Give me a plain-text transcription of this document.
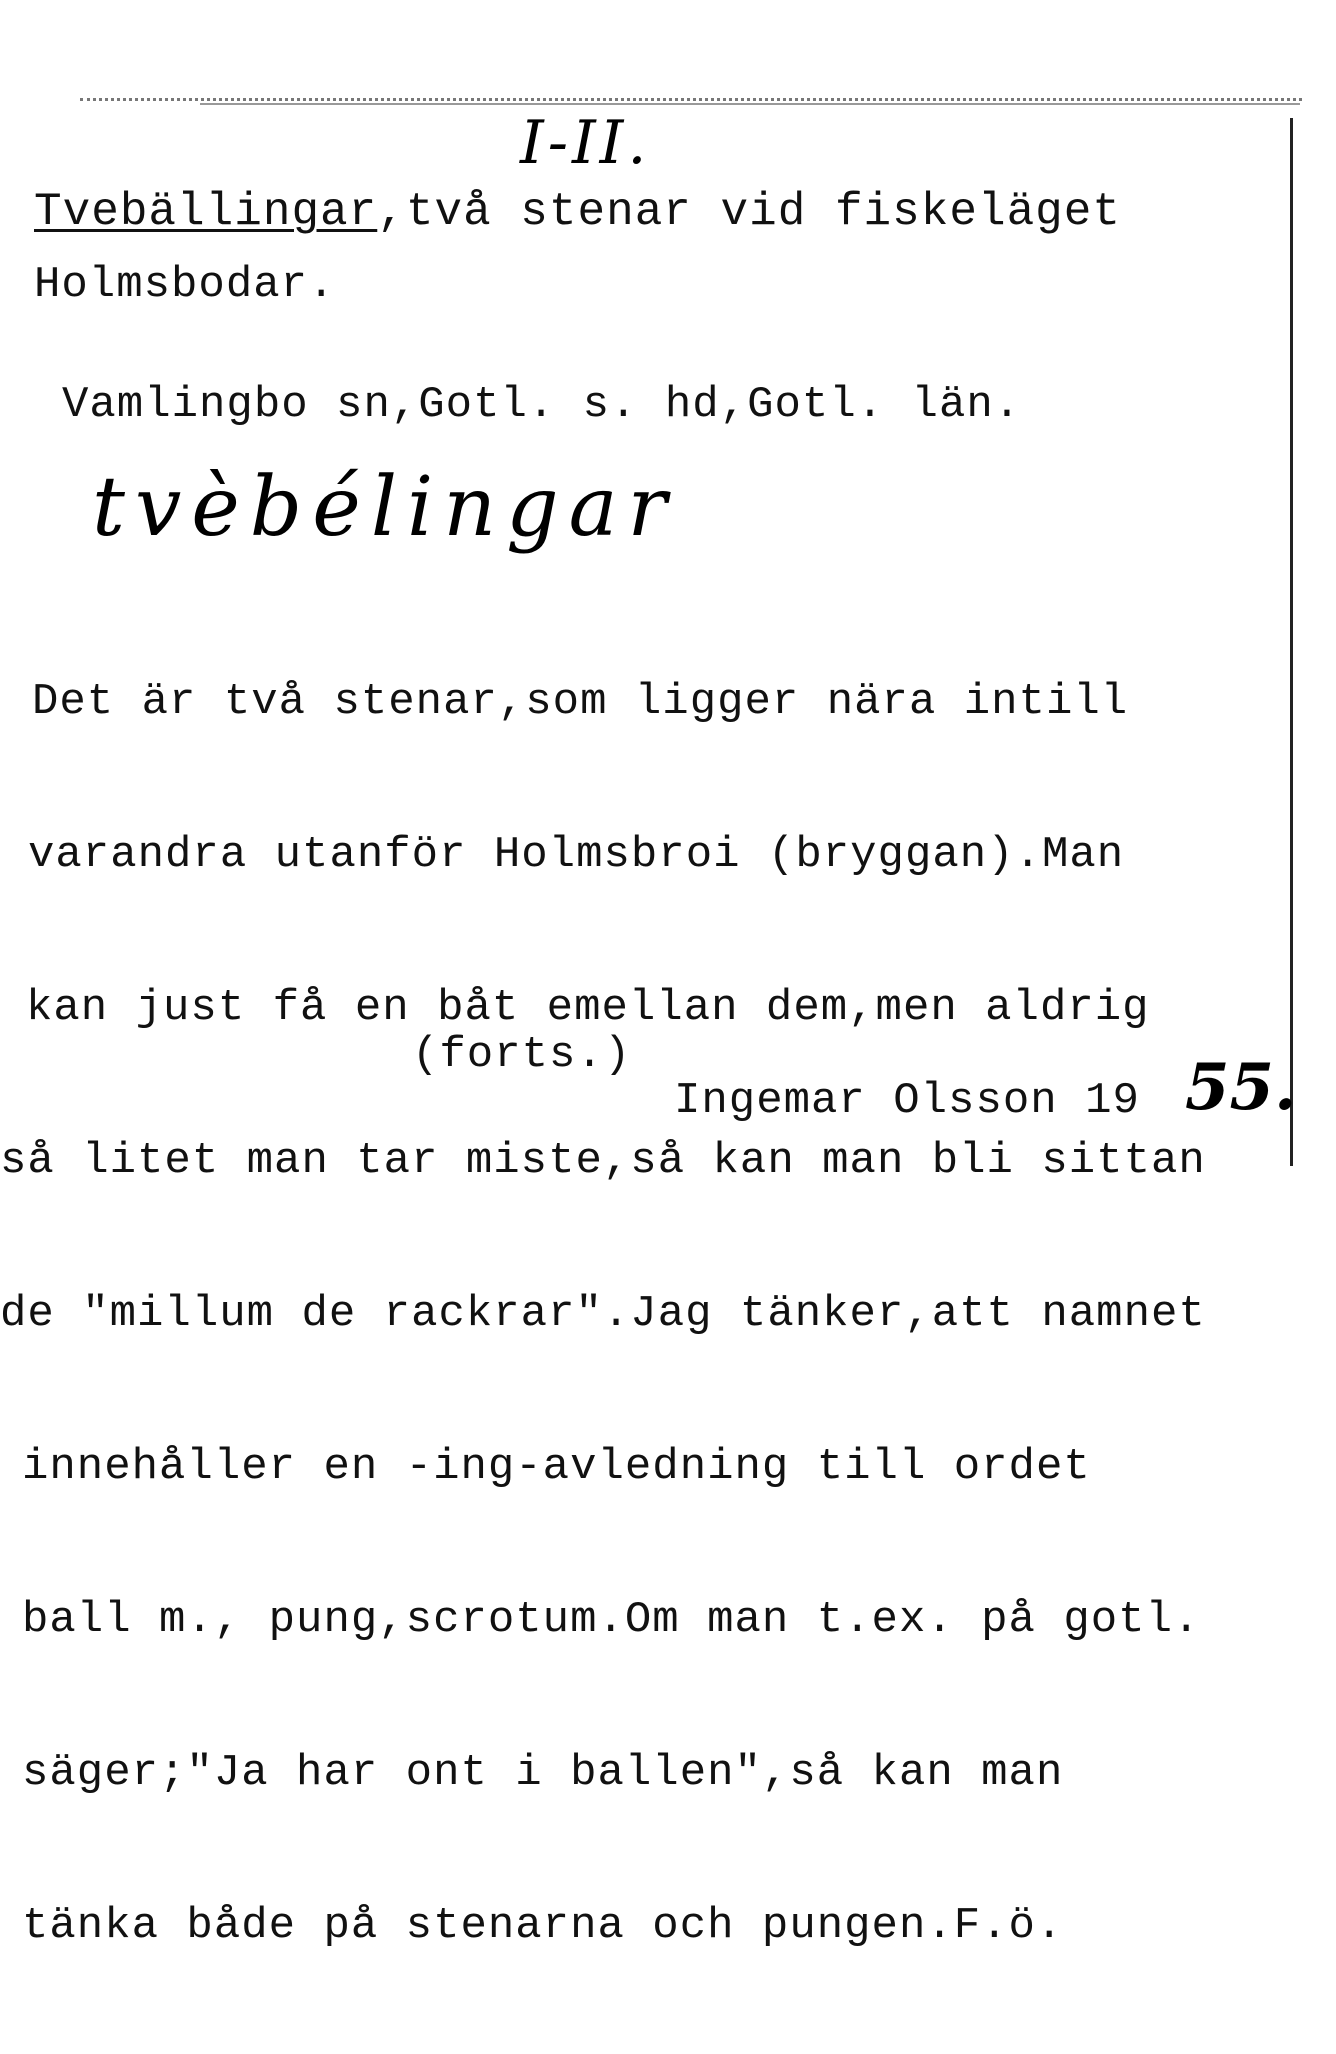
I-II.
Tvebällingar,två stenar vid fiskeläget
Holmsbodar.
Vamlingbo sn,Gotl. s. hd,Gotl. län.
tvèbélingar

Det är två stenar,som ligger nära intill

varandra utanför Holmsbroi (bryggan).Man

kan just få en båt emellan dem,men aldrig

så litet man tar miste,så kan man bli sittan

de "millum de rackrar".Jag tänker,att namnet

innehåller en -ing-avledning till ordet

ball m., pung,scrotum.Om man t.ex. på gotl.

säger;"Ja har ont i ballen",så kan man

tänka både på stenarna och pungen.F.ö.

(forts.)
Ingemar Olsson 19 55.
